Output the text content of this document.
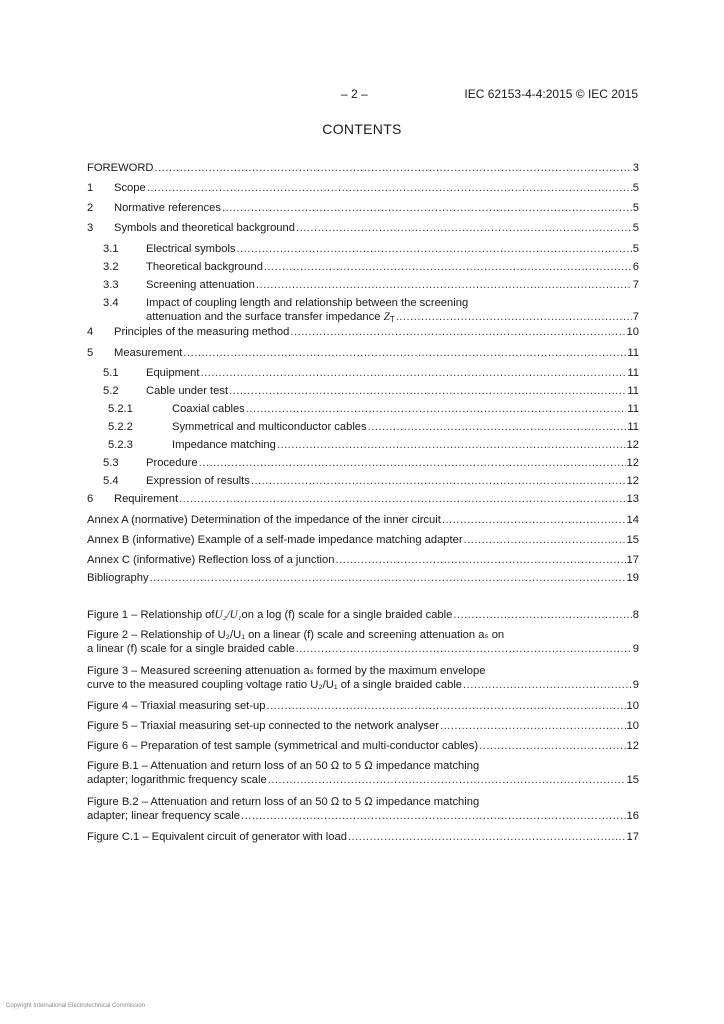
– 2 –	IEC 62153-4-4:2015 © IEC 2015
CONTENTS
FOREWORD .....	3
1	Scope .....	5
2	Normative references .....	5
3	Symbols and theoretical background .....	5
3.1	Electrical symbols .....	5
3.2	Theoretical background .....	6
3.3	Screening attenuation .....	7
3.4 Impact of coupling length and relationship between the screening
attenuation and the surface transfer impedance $Z_T$ .....	7
4	Principles of the measuring method .....	10
5	Measurement .....	11
5.1	Equipment .....	11
5.2	Cable under test .....	11
5.2.1	Coaxial cables .....	11
5.2.2	Symmetrical and multiconductor cables .....	11
5.2.3	Impedance matching .....	12
5.3	Procedure .....	12
5.4	Expression of results .....	12
6	Requirement .....	13
Annex A (normative) Determination of the impedance of the inner circuit .....	14
Annex B (informative) Example of a self-made impedance matching adapter .....	15
Annex C (informative) Reflection loss of a junction .....	17
Bibliography .....	19
Figure 1 – Relationship of U₂/U₁ on a log (f) scale for a single braided cable .....	8
Figure 2 – Relationship of U₂/U₁ on a linear (f) scale and screening attenuation aₛ on
a linear (f) scale for a single braided cable .....	9
Figure 3 – Measured screening attenuation aₛ formed by the maximum envelope
curve to the measured coupling voltage ratio U₂/U₁ of a single braided cable .....	9
Figure 4 – Triaxial measuring set-up .....	10
Figure 5 – Triaxial measuring set-up connected to the network analyser .....	10
Figure 6 – Preparation of test sample (symmetrical and multi-conductor cables) .....	12
Figure B.1 – Attenuation and return loss of an 50 Ω to 5 Ω impedance matching
adapter; logarithmic frequency scale .....	15
Figure B.2 – Attenuation and return loss of an 50 Ω to 5 Ω impedance matching
adapter; linear frequency scale .....	16
Figure C.1 – Equivalent circuit of generator with load .....	17
Copyright International Electrotechnical Commission
